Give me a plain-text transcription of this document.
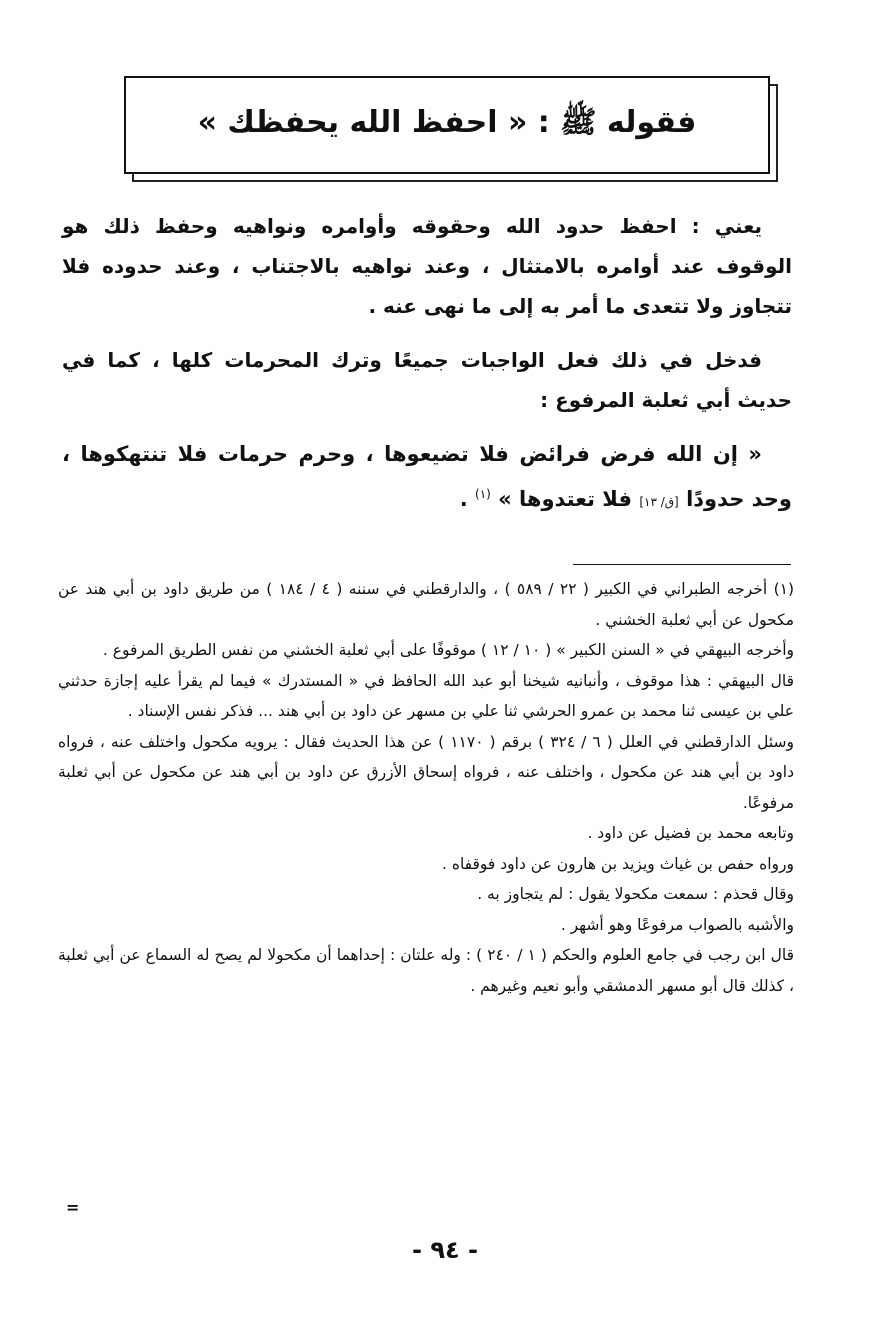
فقوله ﷺ : « احفظ الله يحفظك »

يعني : احفظ حدود الله وحقوقه وأوامره ونواهيه وحفظ ذلك هو الوقوف عند أوامره بالامتثال ، وعند نواهيه بالاجتناب ، وعند حدوده فلا تتجاوز ولا تتعدى ما أمر به إلى ما نهى عنه .

فدخل في ذلك فعل الواجبات جميعًا وترك المحرمات كلها ، كما في حديث أبي ثعلبة المرفوع :

« إن الله فرض فرائض فلا تضيعوها ، وحرم حرمات فلا تنتهكوها ، وحد حدودًا [ق/ ١٣] فلا تعتدوها » $^{(١)}$ .

(١) أخرجه الطبراني في الكبير ( ٢٢ / ٥٨٩ ) ، والدارقطني في سننه ( ٤ / ١٨٤ ) من طريق داود بن أبي هند عن مكحول عن أبي ثعلبة الخشني .

وأخرجه البيهقي في « السنن الكبير » ( ١٠ / ١٢ ) موقوفًا على أبي ثعلبة الخشني من نفس الطريق المرفوع .

قال البيهقي : هذا موقوف ، وأنبانيه شيخنا أبو عبد الله الحافظ في « المستدرك » فيما لم يقرأ عليه إجازة حدثني علي بن عيسى ثنا محمد بن عمرو الحرشي ثنا علي بن مسهر عن داود بن أبي هند ... فذكر نفس الإسناد .

وسئل الدارقطني في العلل ( ٦ / ٣٢٤ ) برقم ( ١١٧٠ ) عن هذا الحديث فقال : يرويه مكحول واختلف عنه ، فرواه داود بن أبي هند عن مكحول ، واختلف عنه ، فرواه إسحاق الأزرق عن داود بن أبي هند عن مكحول عن أبي ثعلبة مرفوعًا.

وتابعه محمد بن فضيل عن داود .

ورواه حفص بن غياث ويزيد بن هارون عن داود فوقفاه .

وقال قحذم : سمعت مكحولا يقول : لم يتجاوز به .

والأشبه بالصواب مرفوعًا وهو أشهر .

قال ابن رجب في جامع العلوم والحكم ( ١ / ٢٤٠ ) : وله علتان : إحداهما أن مكحولا لم يصح له السماع عن أبي ثعلبة ، كذلك قال أبو مسهر الدمشقي وأبو نعيم وغيرهم .

=
- ٩٤ -
